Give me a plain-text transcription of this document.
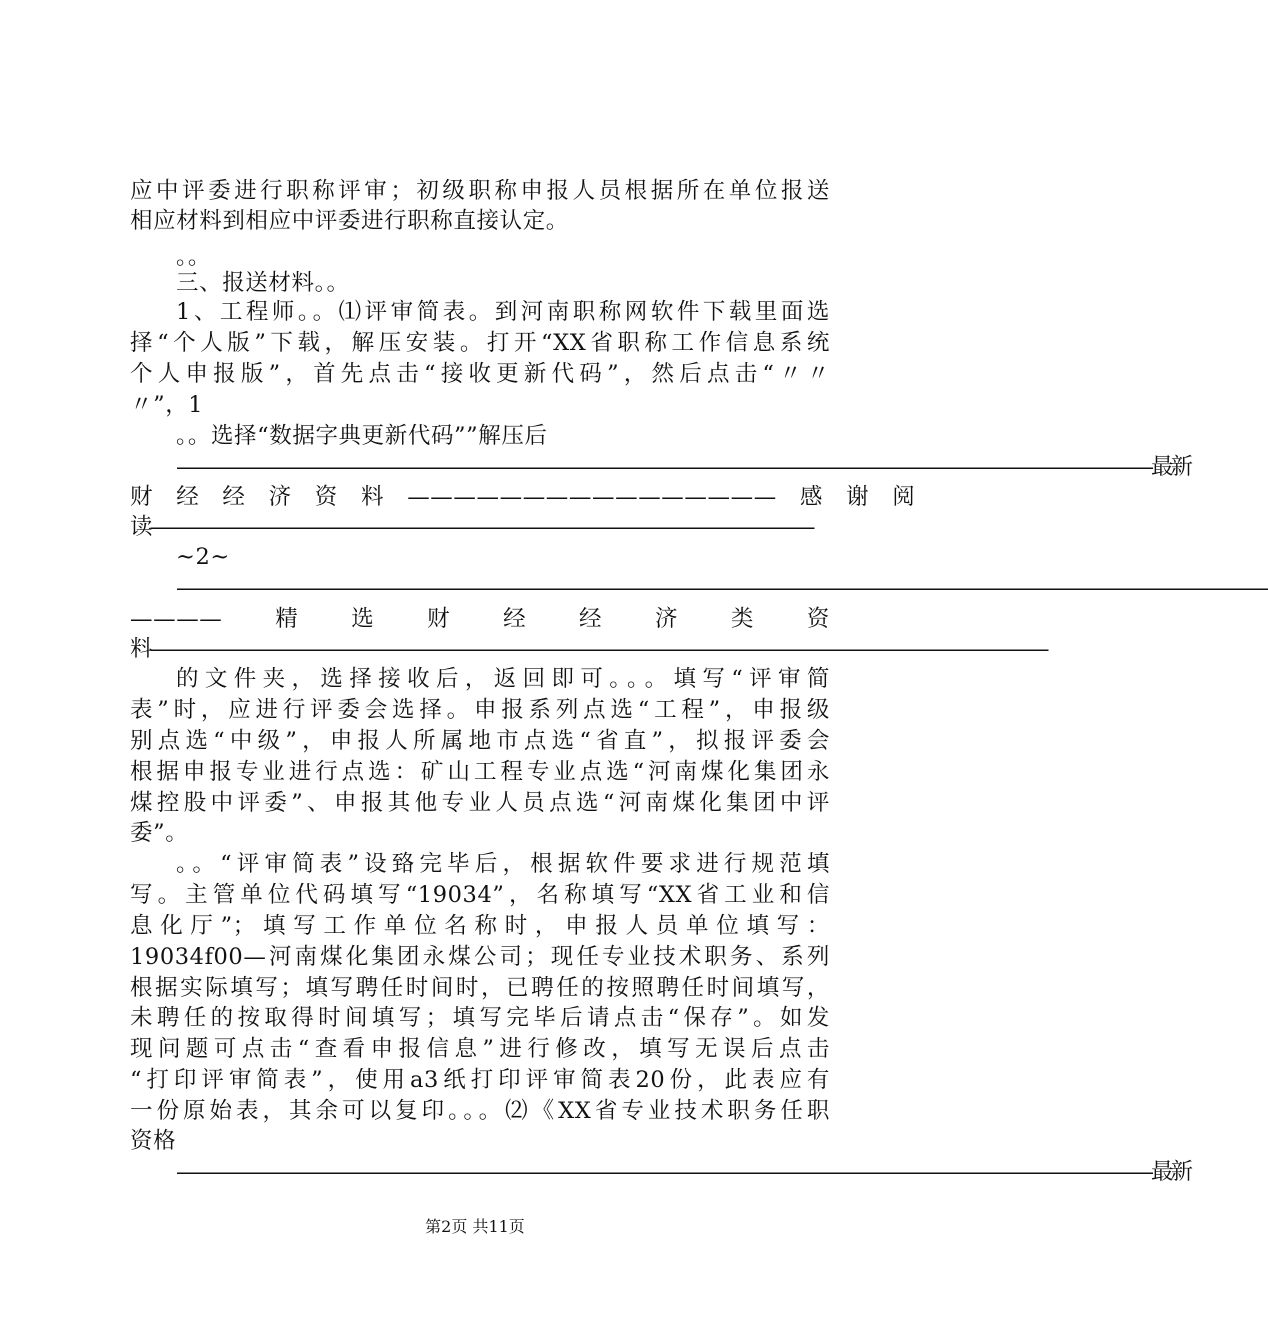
应中评委进行职称评审；初级职称申报人员根据所在单位报送
相应材料到相应中评委进行职称直接认定。
。。
三、报送材料。。
1、工程师。。⑴评审简表。到河南职称网软件下载里面选
择“个人版”下载，解压安装。打开“XX省职称工作信息系统
个人申报版”，首先点击“接收更新代码”，然后点击“〃〃
〃”，1
。。选择“数据字典更新代码””解压后
——————————————————————————————————————————————————最新
财　经　经　济　资　料　————————————————　感　谢　阅
读——————————————————————————————————
~2~
————————————————————————————————————————————————————————
————　精　选　财　经　经　济　类　资
料——————————————————————————————————————————————
的文件夹，选择接收后，返回即可。。。填写“评审简
表”时，应进行评委会选择。申报系列点选“工程”，申报级
别点选“中级”，申报人所属地市点选“省直”，拟报评委会
根据申报专业进行点选：矿山工程专业点选“河南煤化集团永
煤控股中评委”、申报其他专业人员点选“河南煤化集团中评
委”。
。。“评审简表”设臵完毕后，根据软件要求进行规范填
写。主管单位代码填写“19034”，名称填写“XX省工业和信
息化厅”；填写工作单位名称时，申报人员单位填写：
19034f00—河南煤化集团永煤公司；现任专业技术职务、系列
根据实际填写；填写聘任时间时，已聘任的按照聘任时间填写，
未聘任的按取得时间填写；填写完毕后请点击“保存”。如发
现问题可点击“查看申报信息”进行修改，填写无误后点击
“打印评审简表”，使用a3纸打印评审简表20份，此表应有
一份原始表，其余可以复印。。。⑵《XX省专业技术职务任职
资格
——————————————————————————————————————————————————最新
第2页 共11页
